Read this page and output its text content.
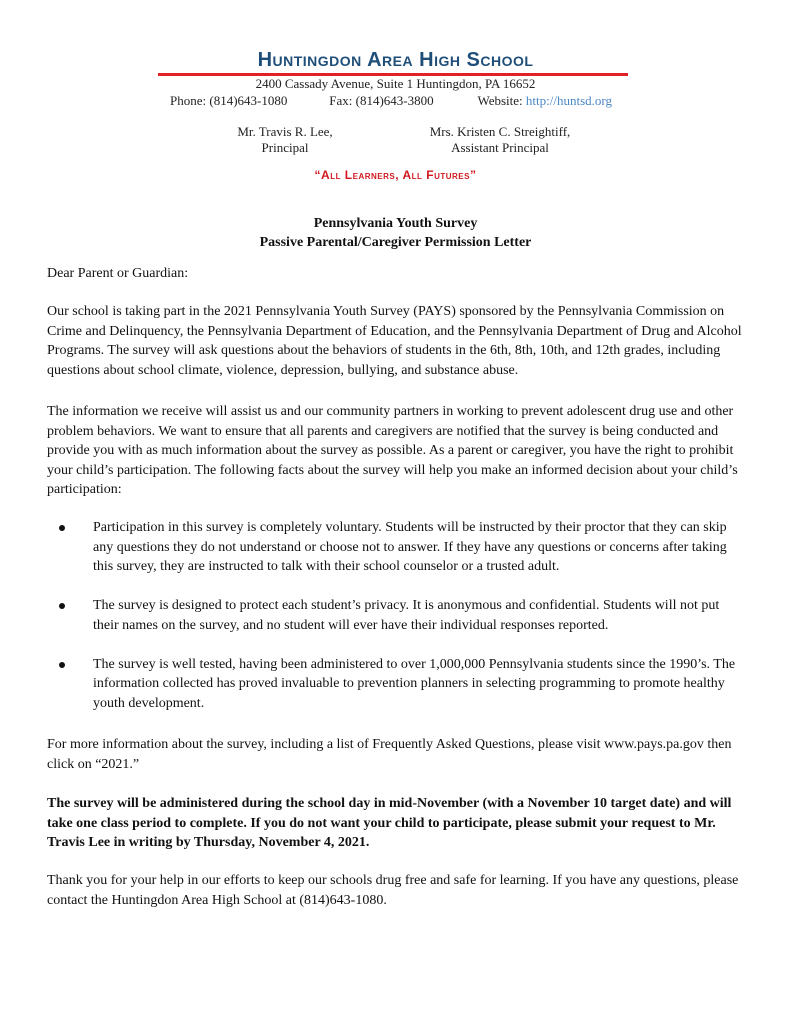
Huntingdon Area High School
2400 Cassady Avenue, Suite 1 Huntingdon, PA 16652
Phone: (814)643-1080	Fax: (814)643-3800	Website: http://huntsd.org
Mr. Travis R. Lee,
Principal
Mrs. Kristen C. Streightiff,
Assistant Principal
“All Learners, All Futures”
Pennsylvania Youth Survey
Passive Parental/Caregiver Permission Letter
Dear Parent or Guardian:
Our school is taking part in the 2021 Pennsylvania Youth Survey (PAYS) sponsored by the Pennsylvania Commission on Crime and Delinquency, the Pennsylvania Department of Education, and the Pennsylvania Department of Drug and Alcohol Programs. The survey will ask questions about the behaviors of students in the 6th, 8th, 10th, and 12th grades, including questions about school climate, violence, depression, bullying, and substance abuse.
The information we receive will assist us and our community partners in working to prevent adolescent drug use and other problem behaviors. We want to ensure that all parents and caregivers are notified that the survey is being conducted and provide you with as much information about the survey as possible. As a parent or caregiver, you have the right to prohibit your child’s participation. The following facts about the survey will help you make an informed decision about your child’s participation:
Participation in this survey is completely voluntary. Students will be instructed by their proctor that they can skip any questions they do not understand or choose not to answer. If they have any questions or concerns after taking this survey, they are instructed to talk with their school counselor or a trusted adult.
The survey is designed to protect each student’s privacy. It is anonymous and confidential. Students will not put their names on the survey, and no student will ever have their individual responses reported.
The survey is well tested, having been administered to over 1,000,000 Pennsylvania students since the 1990’s. The information collected has proved invaluable to prevention planners in selecting programming to promote healthy youth development.
For more information about the survey, including a list of Frequently Asked Questions, please visit www.pays.pa.gov then click on “2021.”
The survey will be administered during the school day in mid-November (with a November 10 target date) and will take one class period to complete. If you do not want your child to participate, please submit your request to Mr. Travis Lee in writing by Thursday, November 4, 2021.
Thank you for your help in our efforts to keep our schools drug free and safe for learning. If you have any questions, please contact the Huntingdon Area High School at (814)643-1080.
